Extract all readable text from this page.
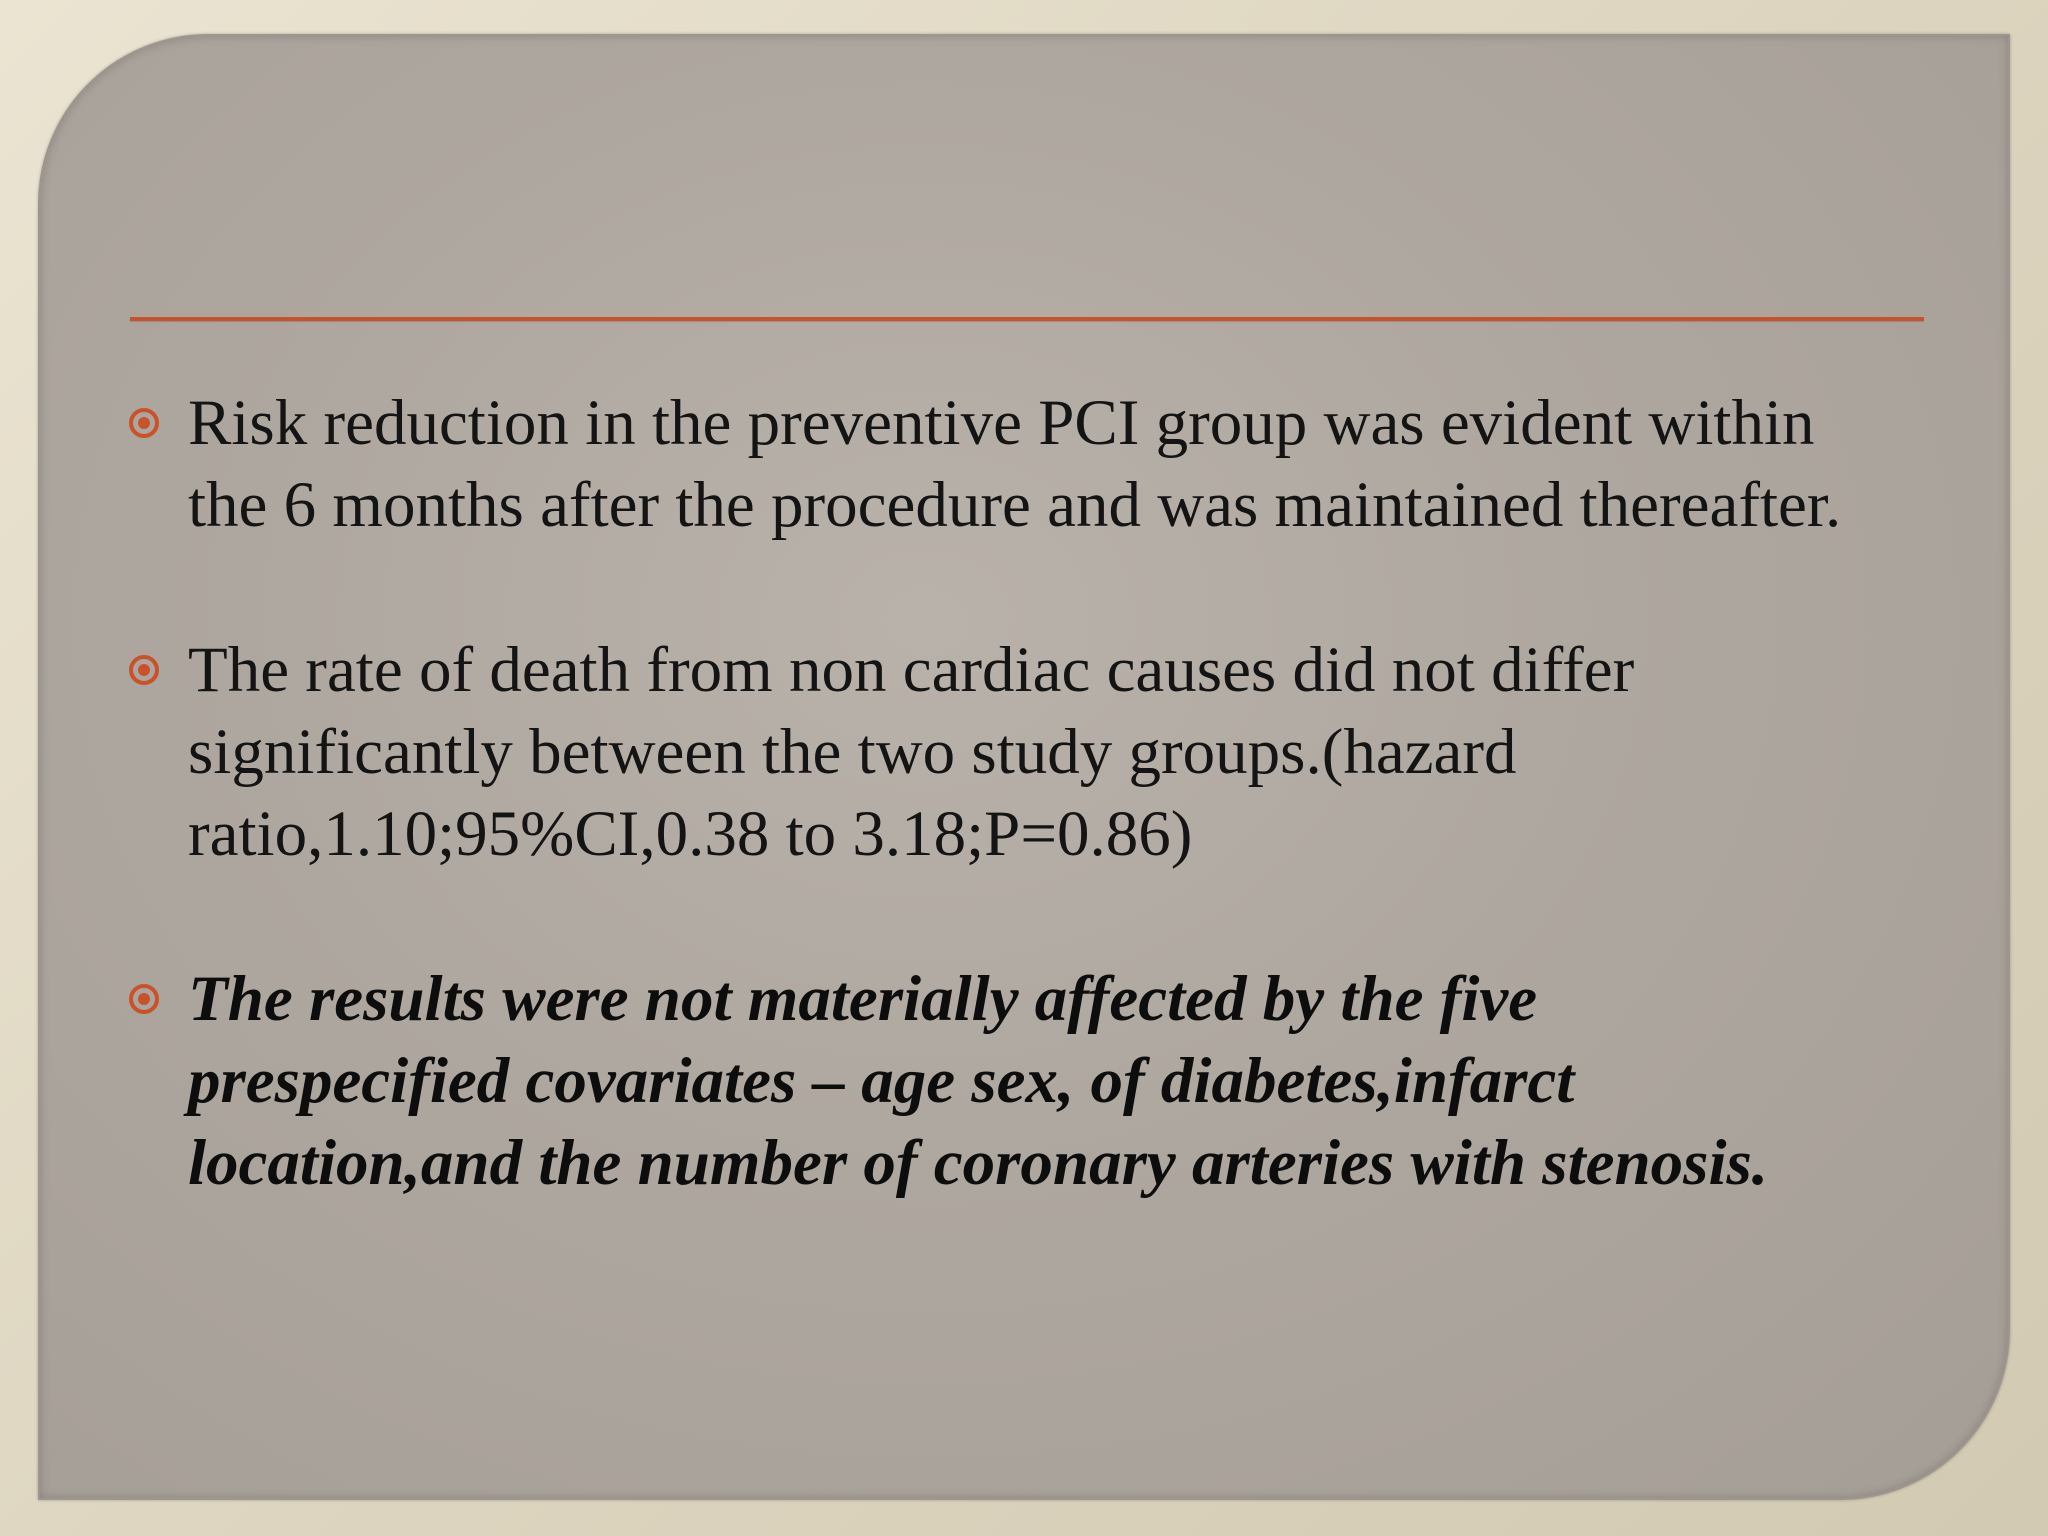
Risk reduction in the preventive PCI group was evident within
the 6 months after the procedure and was maintained thereafter.
The rate of death from non cardiac causes did not differ
significantly between the two study groups.(hazard
ratio,1.10;95%CI,0.38 to 3.18;P=0.86)
The results were not materially affected by the five
prespecified covariates – age sex, of diabetes,infarct
location,and the number of coronary arteries with stenosis.
